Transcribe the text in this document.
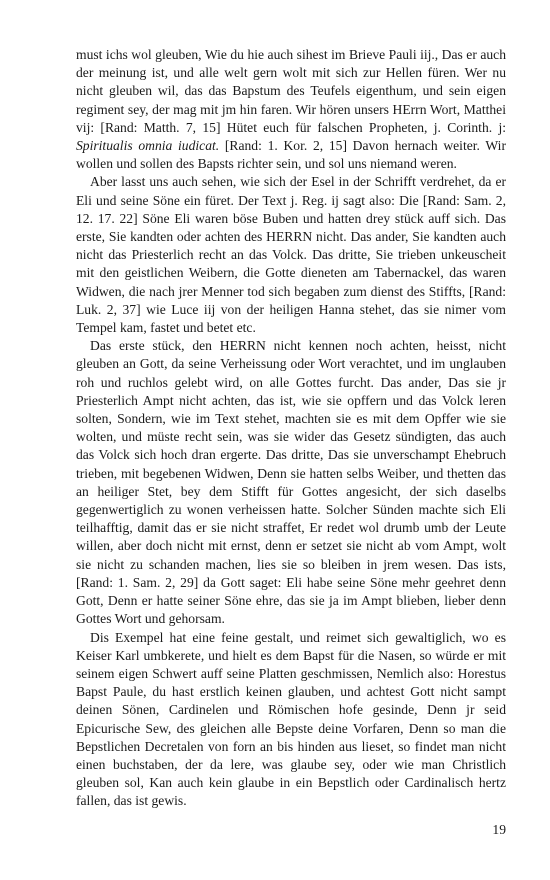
must ichs wol gleuben, Wie du hie auch sihest im Brieve Pauli iij., Das er auch der meinung ist, und alle welt gern wolt mit sich zur Hellen füren. Wer nu nicht gleuben wil, das das Bapstum des Teufels eigenthum, und sein eigen regiment sey, der mag mit jm hin faren. Wir hören unsers HErrn Wort, Matthei vij: [Rand: Matth. 7, 15] Hütet euch für falschen Propheten, j. Corinth. j: Spiritualis omnia iudicat. [Rand: 1. Kor. 2, 15] Davon hernach weiter. Wir wollen und sollen des Bapsts richter sein, und sol uns niemand weren.

Aber lasst uns auch sehen, wie sich der Esel in der Schrifft verdrehet, da er Eli und seine Söne ein füret. Der Text j. Reg. ij sagt also: Die [Rand: Sam. 2, 12. 17. 22] Söne Eli waren böse Buben und hatten drey stück auff sich. Das erste, Sie kandten oder achten des HERRN nicht. Das ander, Sie kandten auch nicht das Priesterlich recht an das Volck. Das dritte, Sie trieben unkeuscheit mit den geistlichen Weibern, die Gotte dieneten am Tabernackel, das waren Widwen, die nach jrer Menner tod sich begaben zum dienst des Stiffts, [Rand: Luk. 2, 37] wie Luce iij von der heiligen Hanna stehet, das sie nimer vom Tempel kam, fastet und betet etc.

Das erste stück, den HERRN nicht kennen noch achten, heisst, nicht gleuben an Gott, da seine Verheissung oder Wort verachtet, und im unglauben roh und ruchlos gelebt wird, on alle Gottes furcht. Das ander, Das sie jr Priesterlich Ampt nicht achten, das ist, wie sie opffern und das Volck leren solten, Sondern, wie im Text stehet, machten sie es mit dem Opffer wie sie wolten, und müste recht sein, was sie wider das Gesetz sündigten, das auch das Volck sich hoch dran ergerte. Das dritte, Das sie unverschampt Ehebruch trieben, mit begebenen Widwen, Denn sie hatten selbs Weiber, und thetten das an heiliger Stet, bey dem Stifft für Gottes angesicht, der sich daselbs gegenwertiglich zu wonen verheissen hatte. Solcher Sünden machte sich Eli teilhafftig, damit das er sie nicht straffet, Er redet wol drumb umb der Leute willen, aber doch nicht mit ernst, denn er setzet sie nicht ab vom Ampt, wolt sie nicht zu schanden machen, lies sie so bleiben in jrem wesen. Das ists, [Rand: 1. Sam. 2, 29] da Gott saget: Eli habe seine Söne mehr geehret denn Gott, Denn er hatte seiner Söne ehre, das sie ja im Ampt blieben, lieber denn Gottes Wort und gehorsam.

Dis Exempel hat eine feine gestalt, und reimet sich gewaltiglich, wo es Keiser Karl umbkerete, und hielt es dem Bapst für die Nasen, so würde er mit seinem eigen Schwert auff seine Platten geschmissen, Nemlich also: Horestus Bapst Paule, du hast erstlich keinen glauben, und achtest Gott nicht sampt deinen Sönen, Cardinelen und Römischen hofe gesinde, Denn jr seid Epicurische Sew, des gleichen alle Bepste deine Vorfaren, Denn so man die Bepstlichen Decretalen von forn an bis hinden aus lieset, so findet man nicht einen buchstaben, der da lere, was glaube sey, oder wie man Christlich gleuben sol, Kan auch kein glaube in ein Bepstlich oder Cardinalisch hertz fallen, das ist gewis.

19
